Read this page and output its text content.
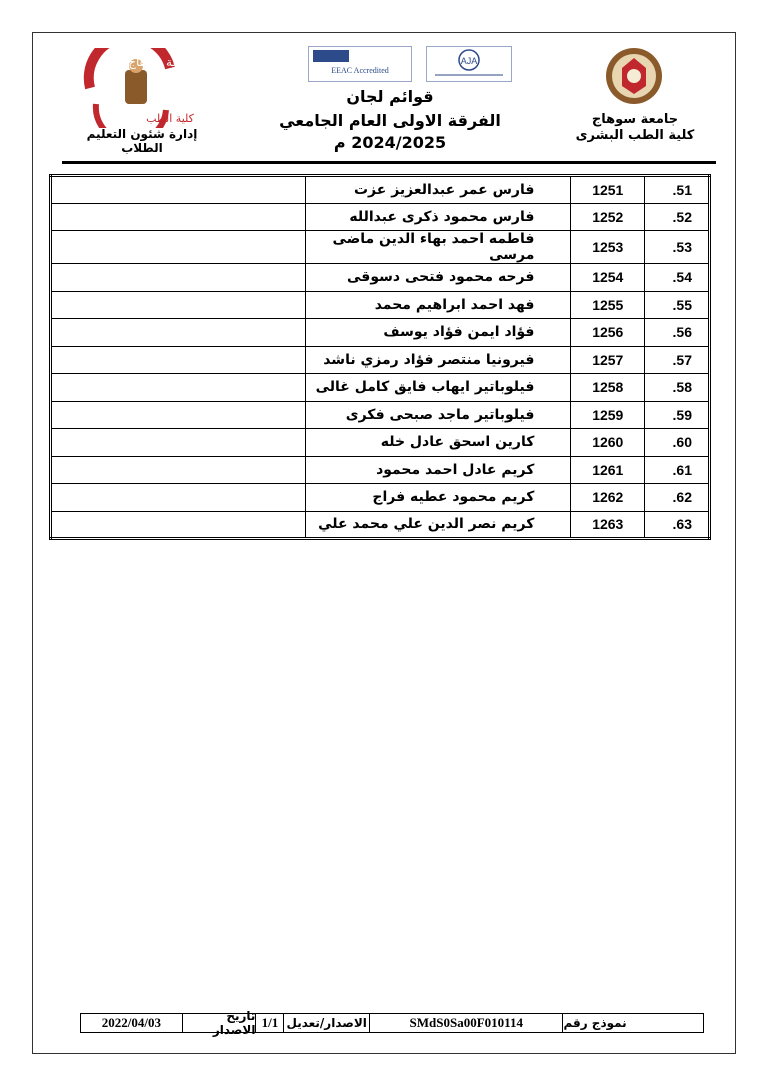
جامعة سوهاج
كلية الطب البشرى
جامعة سوهاج
كلية الطب
إدارة شئون التعليم الطلاب
EEAC Accredited
AJA
قوائم لجان
الفرقة الاولى العام الجامعي 2024/2025 م
	فارس عمر عبدالعزيز عزت	1251	.51
	فارس محمود ذكرى عبدالله	1252	.52
	فاطمه احمد بهاء الدين ماضى مرسى	1253	.53
	فرحه محمود فتحى دسوقى	1254	.54
	فهد احمد ابراهيم محمد	1255	.55
	فؤاد ايمن فؤاد يوسف	1256	.56
	فيرونيا منتصر فؤاد رمزي ناشد	1257	.57
	فيلوباتير ايهاب فايق كامل غالى	1258	.58
	فيلوباتير ماجد صبحى فكرى	1259	.59
	كارين اسحق عادل خله	1260	.60
	كريم عادل احمد محمود	1261	.61
	كريم محمود عطيه فراج	1262	.62
	كريم نصر الدين علي محمد علي	1263	.63
2022/04/03	تاريخ الاصدار 1/1 الاصدار/تعديل	SMdS0Sa00F010114	نموذج رقم
